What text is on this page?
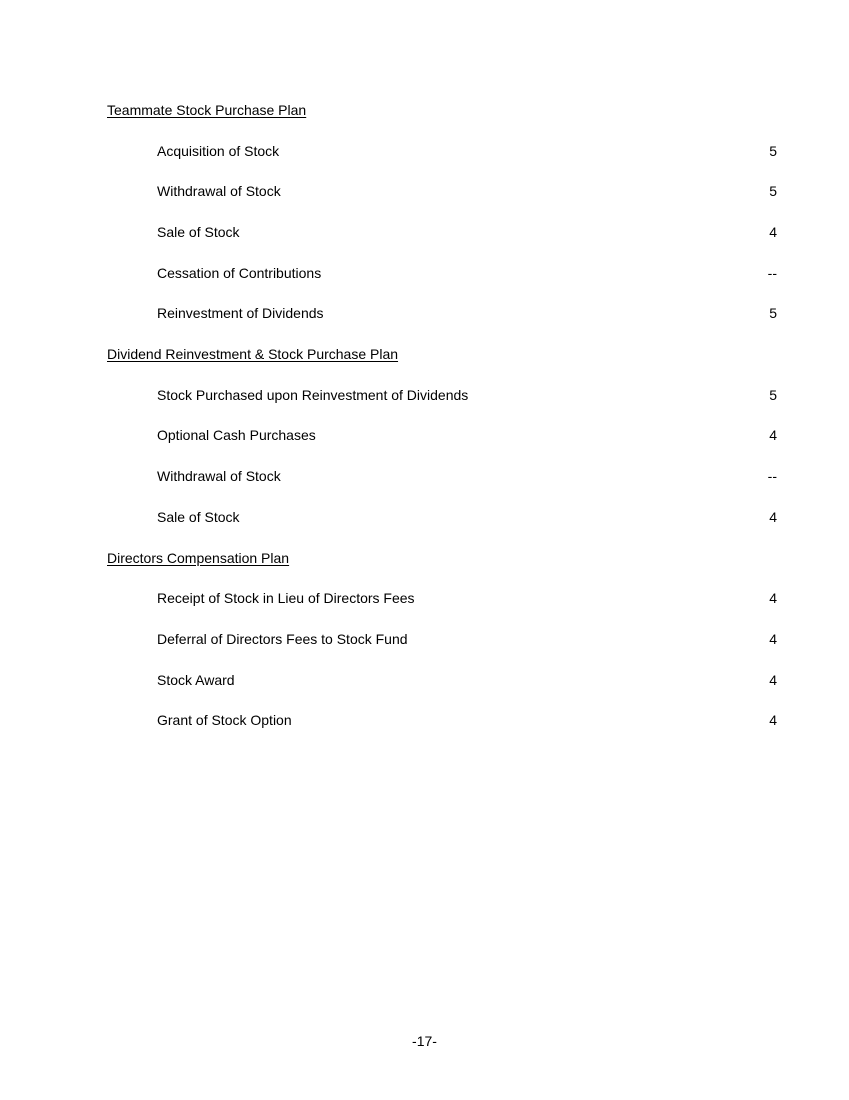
Teammate Stock Purchase Plan
Acquisition of Stock	5
Withdrawal of Stock	5
Sale of Stock	4
Cessation of Contributions	--
Reinvestment of Dividends	5
Dividend Reinvestment & Stock Purchase Plan
Stock Purchased upon Reinvestment of Dividends	5
Optional Cash Purchases	4
Withdrawal of Stock	--
Sale of Stock	4
Directors Compensation Plan
Receipt of Stock in Lieu of Directors Fees	4
Deferral of Directors Fees to Stock Fund	4
Stock Award	4
Grant of Stock Option	4
-17-
